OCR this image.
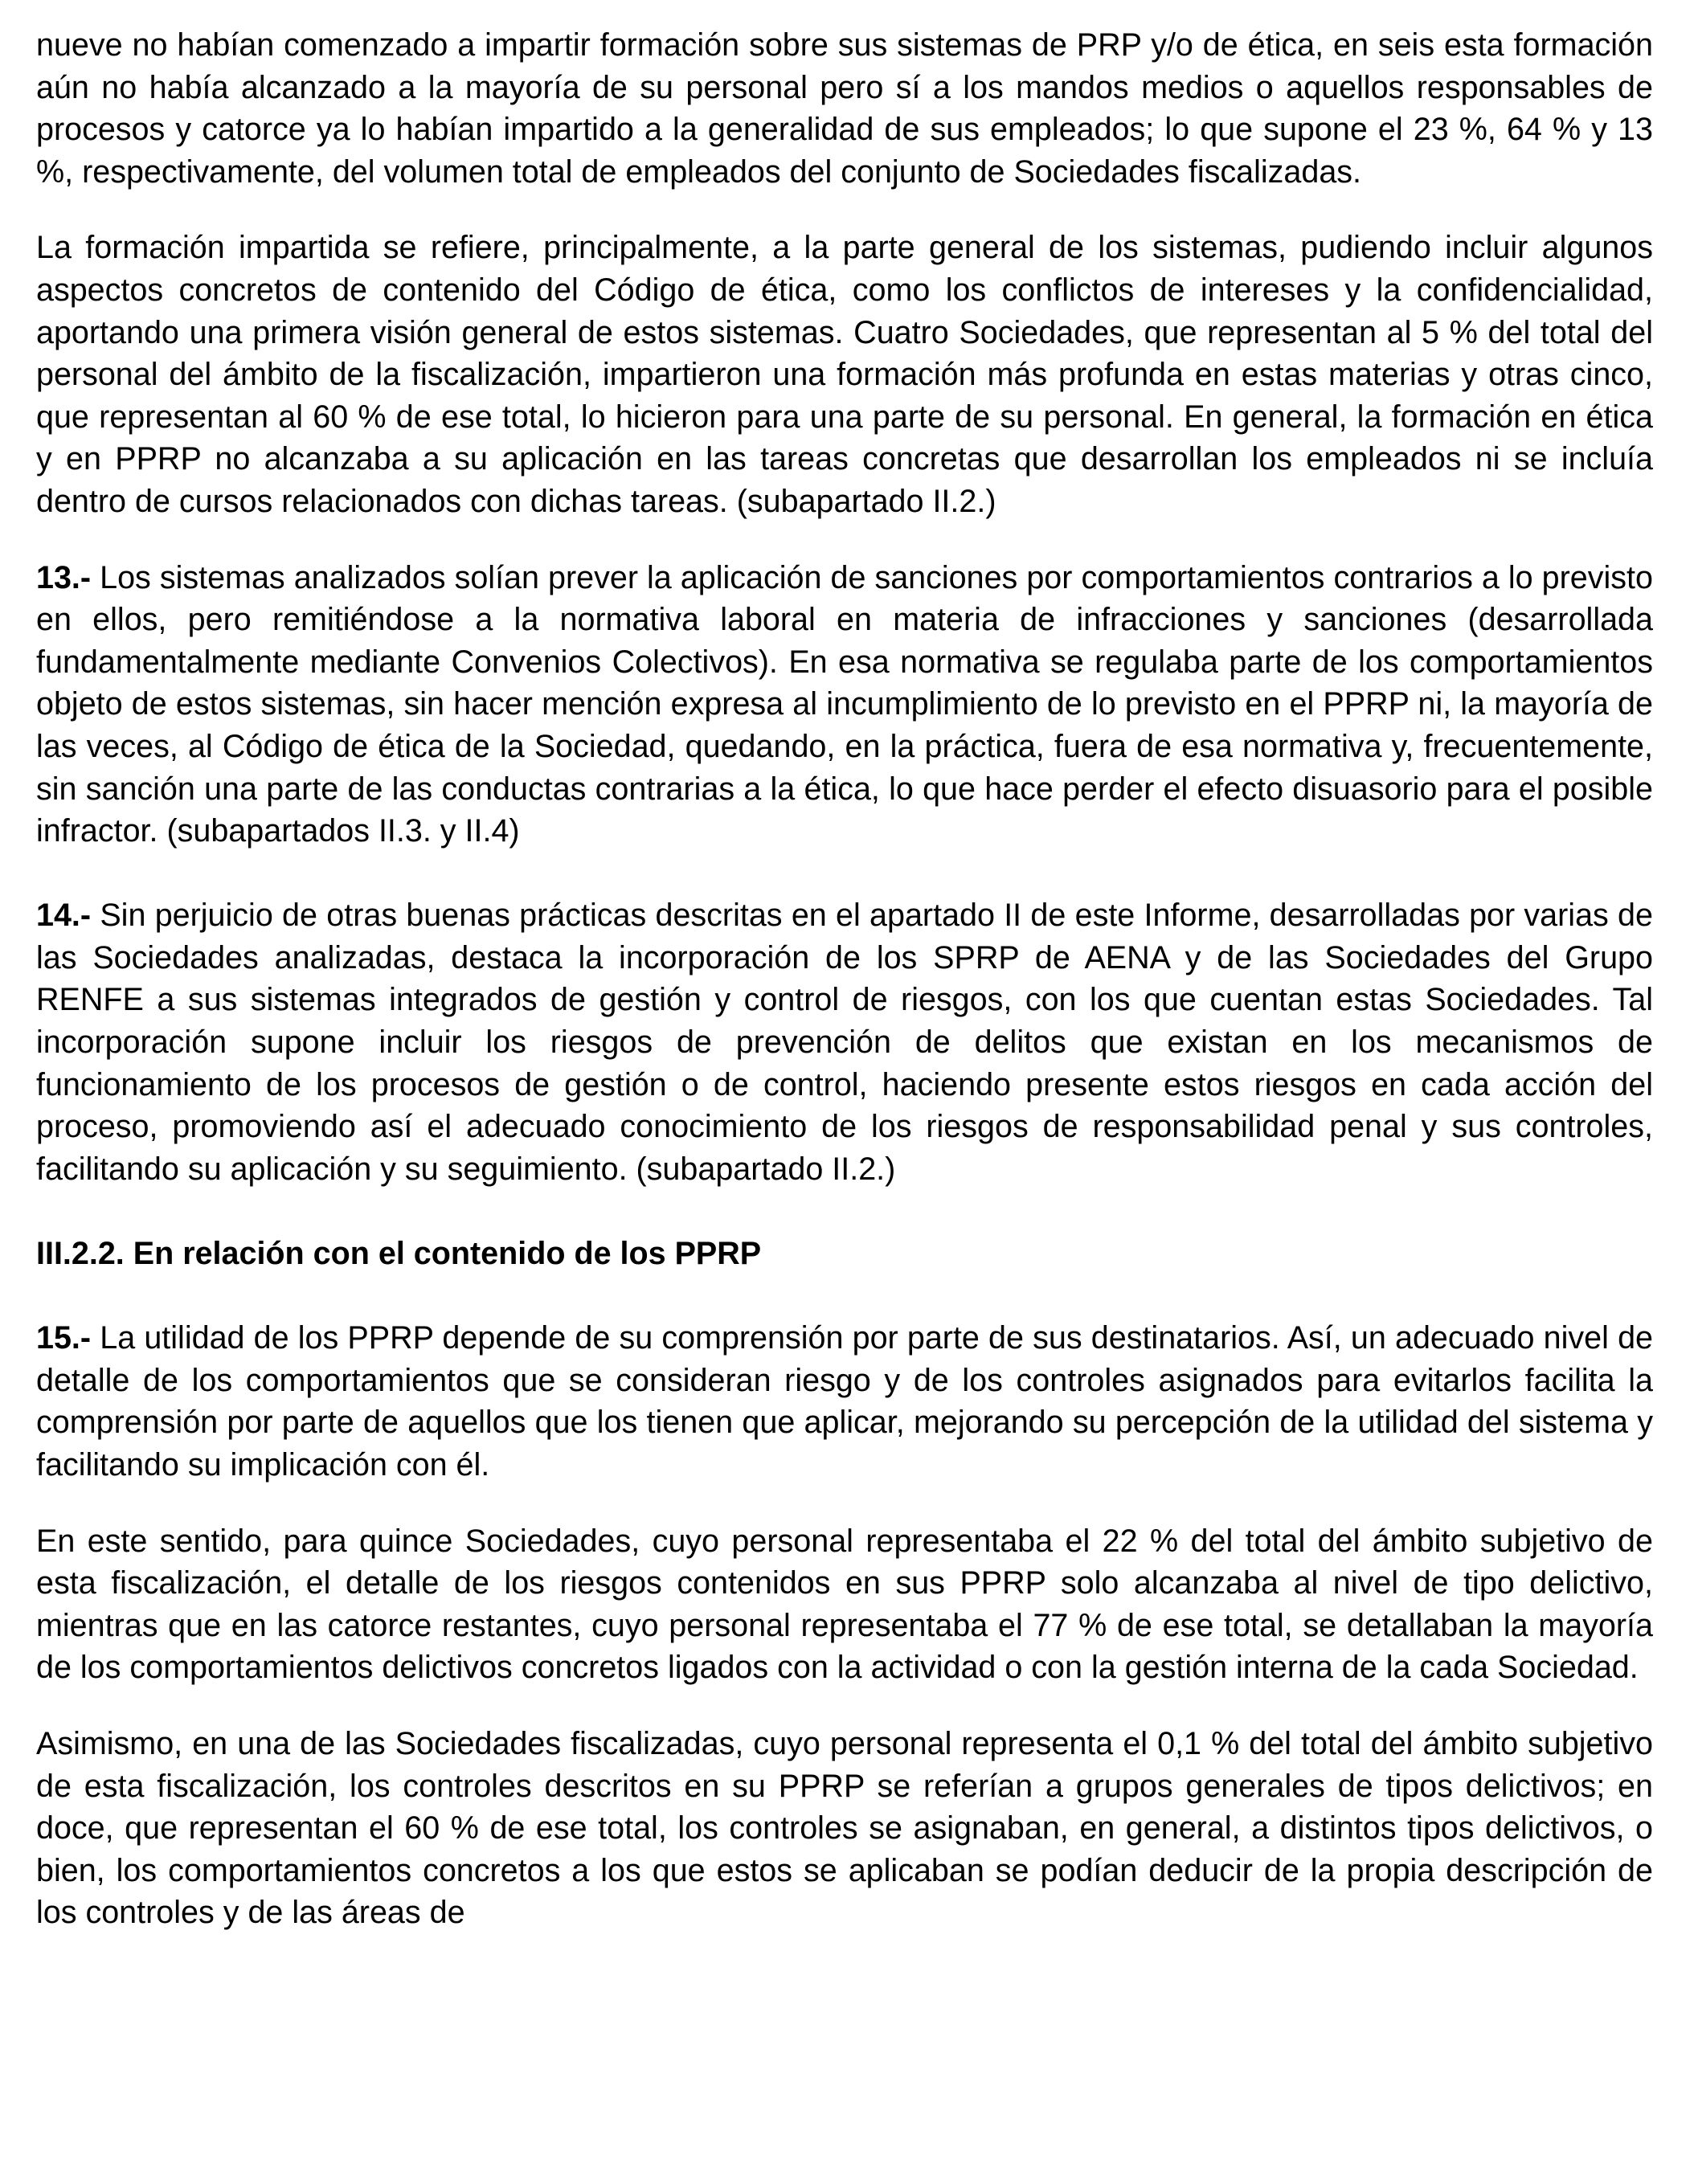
nueve no habían comenzado a impartir formación sobre sus sistemas de PRP y/o de ética, en seis esta formación aún no había alcanzado a la mayoría de su personal pero sí a los mandos medios o aquellos responsables de procesos y catorce ya lo habían impartido a la generalidad de sus empleados; lo que supone el 23 %, 64 % y 13 %, respectivamente, del volumen total de empleados del conjunto de Sociedades fiscalizadas.

La formación impartida se refiere, principalmente, a la parte general de los sistemas, pudiendo incluir algunos aspectos concretos de contenido del Código de ética, como los conflictos de intereses y la confidencialidad, aportando una primera visión general de estos sistemas. Cuatro Sociedades, que representan al 5 % del total del personal del ámbito de la fiscalización, impartieron una formación más profunda en estas materias y otras cinco, que representan al 60 % de ese total, lo hicieron para una parte de su personal. En general, la formación en ética y en PPRP no alcanzaba a su aplicación en las tareas concretas que desarrollan los empleados ni se incluía dentro de cursos relacionados con dichas tareas. (subapartado II.2.)

13.- Los sistemas analizados solían prever la aplicación de sanciones por comportamientos contrarios a lo previsto en ellos, pero remitiéndose a la normativa laboral en materia de infracciones y sanciones (desarrollada fundamentalmente mediante Convenios Colectivos). En esa normativa se regulaba parte de los comportamientos objeto de estos sistemas, sin hacer mención expresa al incumplimiento de lo previsto en el PPRP ni, la mayoría de las veces, al Código de ética de la Sociedad, quedando, en la práctica, fuera de esa normativa y, frecuentemente, sin sanción una parte de las conductas contrarias a la ética, lo que hace perder el efecto disuasorio para el posible infractor. (subapartados II.3. y II.4)

14.- Sin perjuicio de otras buenas prácticas descritas en el apartado II de este Informe, desarrolladas por varias de las Sociedades analizadas, destaca la incorporación de los SPRP de AENA y de las Sociedades del Grupo RENFE a sus sistemas integrados de gestión y control de riesgos, con los que cuentan estas Sociedades. Tal incorporación supone incluir los riesgos de prevención de delitos que existan en los mecanismos de funcionamiento de los procesos de gestión o de control, haciendo presente estos riesgos en cada acción del proceso, promoviendo así el adecuado conocimiento de los riesgos de responsabilidad penal y sus controles, facilitando su aplicación y su seguimiento. (subapartado II.2.)

III.2.2. En relación con el contenido de los PPRP

15.- La utilidad de los PPRP depende de su comprensión por parte de sus destinatarios. Así, un adecuado nivel de detalle de los comportamientos que se consideran riesgo y de los controles asignados para evitarlos facilita la comprensión por parte de aquellos que los tienen que aplicar, mejorando su percepción de la utilidad del sistema y facilitando su implicación con él.

En este sentido, para quince Sociedades, cuyo personal representaba el 22 % del total del ámbito subjetivo de esta fiscalización, el detalle de los riesgos contenidos en sus PPRP solo alcanzaba al nivel de tipo delictivo, mientras que en las catorce restantes, cuyo personal representaba el 77 % de ese total, se detallaban la mayoría de los comportamientos delictivos concretos ligados con la actividad o con la gestión interna de la cada Sociedad.

Asimismo, en una de las Sociedades fiscalizadas, cuyo personal representa el 0,1 % del total del ámbito subjetivo de esta fiscalización, los controles descritos en su PPRP se referían a grupos generales de tipos delictivos; en doce, que representan el 60 % de ese total, los controles se asignaban, en general, a distintos tipos delictivos, o bien, los comportamientos concretos a los que estos se aplicaban se podían deducir de la propia descripción de los controles y de las áreas de
